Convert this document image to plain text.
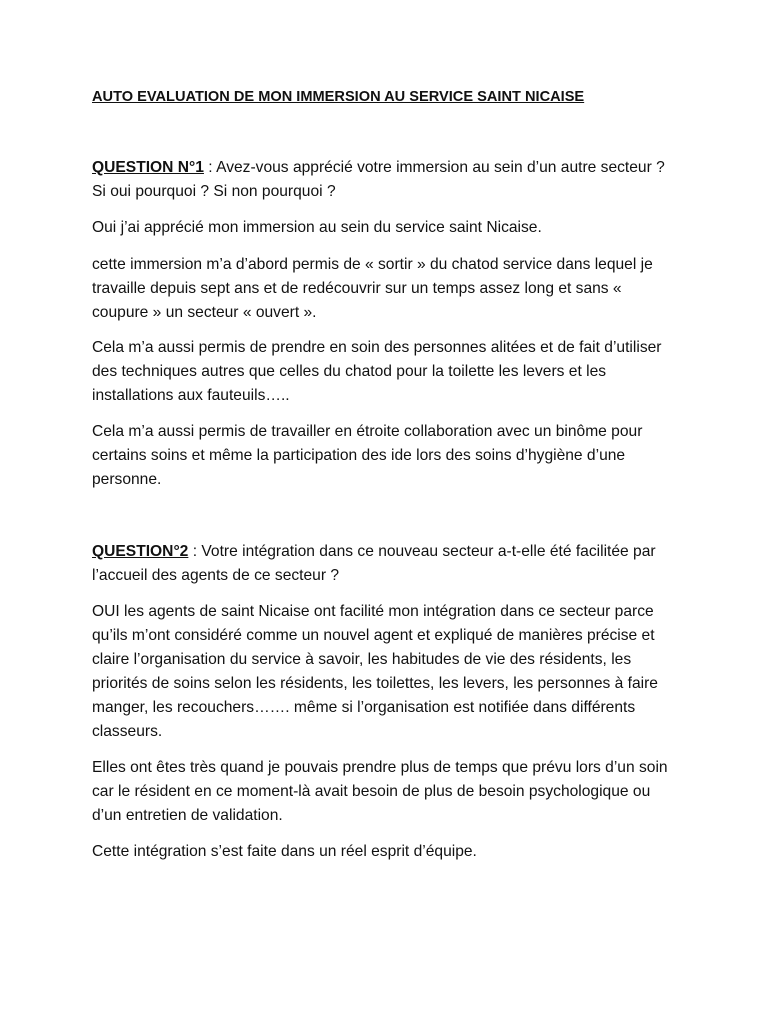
AUTO EVALUATION DE MON IMMERSION AU SERVICE SAINT NICAISE

QUESTION N°1 : Avez-vous apprécié votre immersion au sein d’un autre secteur ? Si oui pourquoi ? Si non pourquoi ?

Oui j’ai apprécié mon immersion au sein du service saint Nicaise.

cette immersion m’a d’abord permis de « sortir » du chatod service dans lequel je travaille depuis sept ans et de redécouvrir sur un temps assez long et sans « coupure » un secteur « ouvert ».

Cela m’a aussi permis de prendre en soin des personnes alitées et de fait d’utiliser des techniques autres que celles du chatod pour la toilette les levers et les installations aux fauteuils…..

Cela m’a aussi permis de travailler en étroite collaboration avec un binôme pour certains soins et même la participation des ide lors des soins d’hygiène d’une personne.

QUESTION°2 : Votre intégration dans ce nouveau secteur a-t-elle été facilitée par l’accueil des agents de ce secteur ?

OUI les agents de saint Nicaise ont facilité mon intégration dans ce secteur parce qu’ils m’ont considéré comme un nouvel agent et expliqué de manières précise et claire l’organisation du service à savoir, les habitudes de vie des résidents, les priorités de soins selon les résidents, les toilettes, les levers, les personnes à faire manger, les recouchers……. même si l’organisation est notifiée dans différents classeurs.

Elles ont êtes très quand je pouvais prendre plus de temps que prévu lors d’un soin car le résident en ce moment-là avait besoin de plus de besoin psychologique ou d’un entretien de validation.

Cette intégration s’est faite dans un réel esprit d’équipe.
